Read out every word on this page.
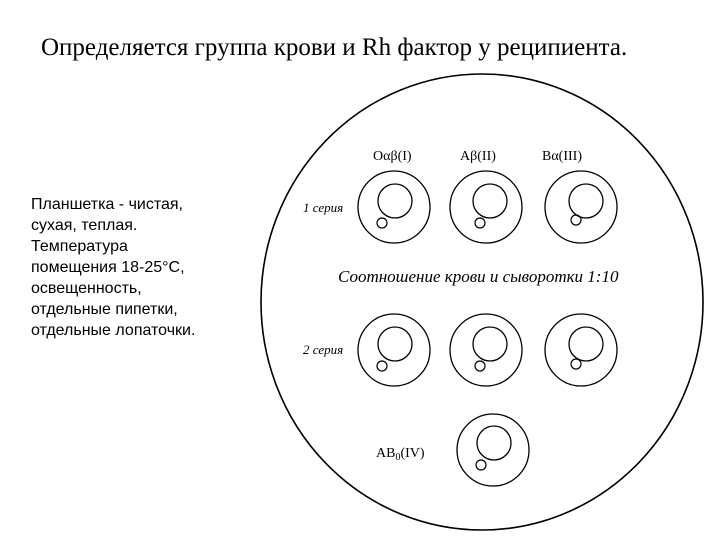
Определяется группа крови и Rh фактор у реципиента.
Планшетка - чистая,
сухая, теплая.
Температура
помещения 18-25°С,
освещенность,
отдельные пипетки,
отдельные лопаточки.
Oαβ(I)	Aβ(II)	Bα(III)
1 серия
2 серия
Соотношение крови и сыворотки 1:10
$AB_0(IV)$
